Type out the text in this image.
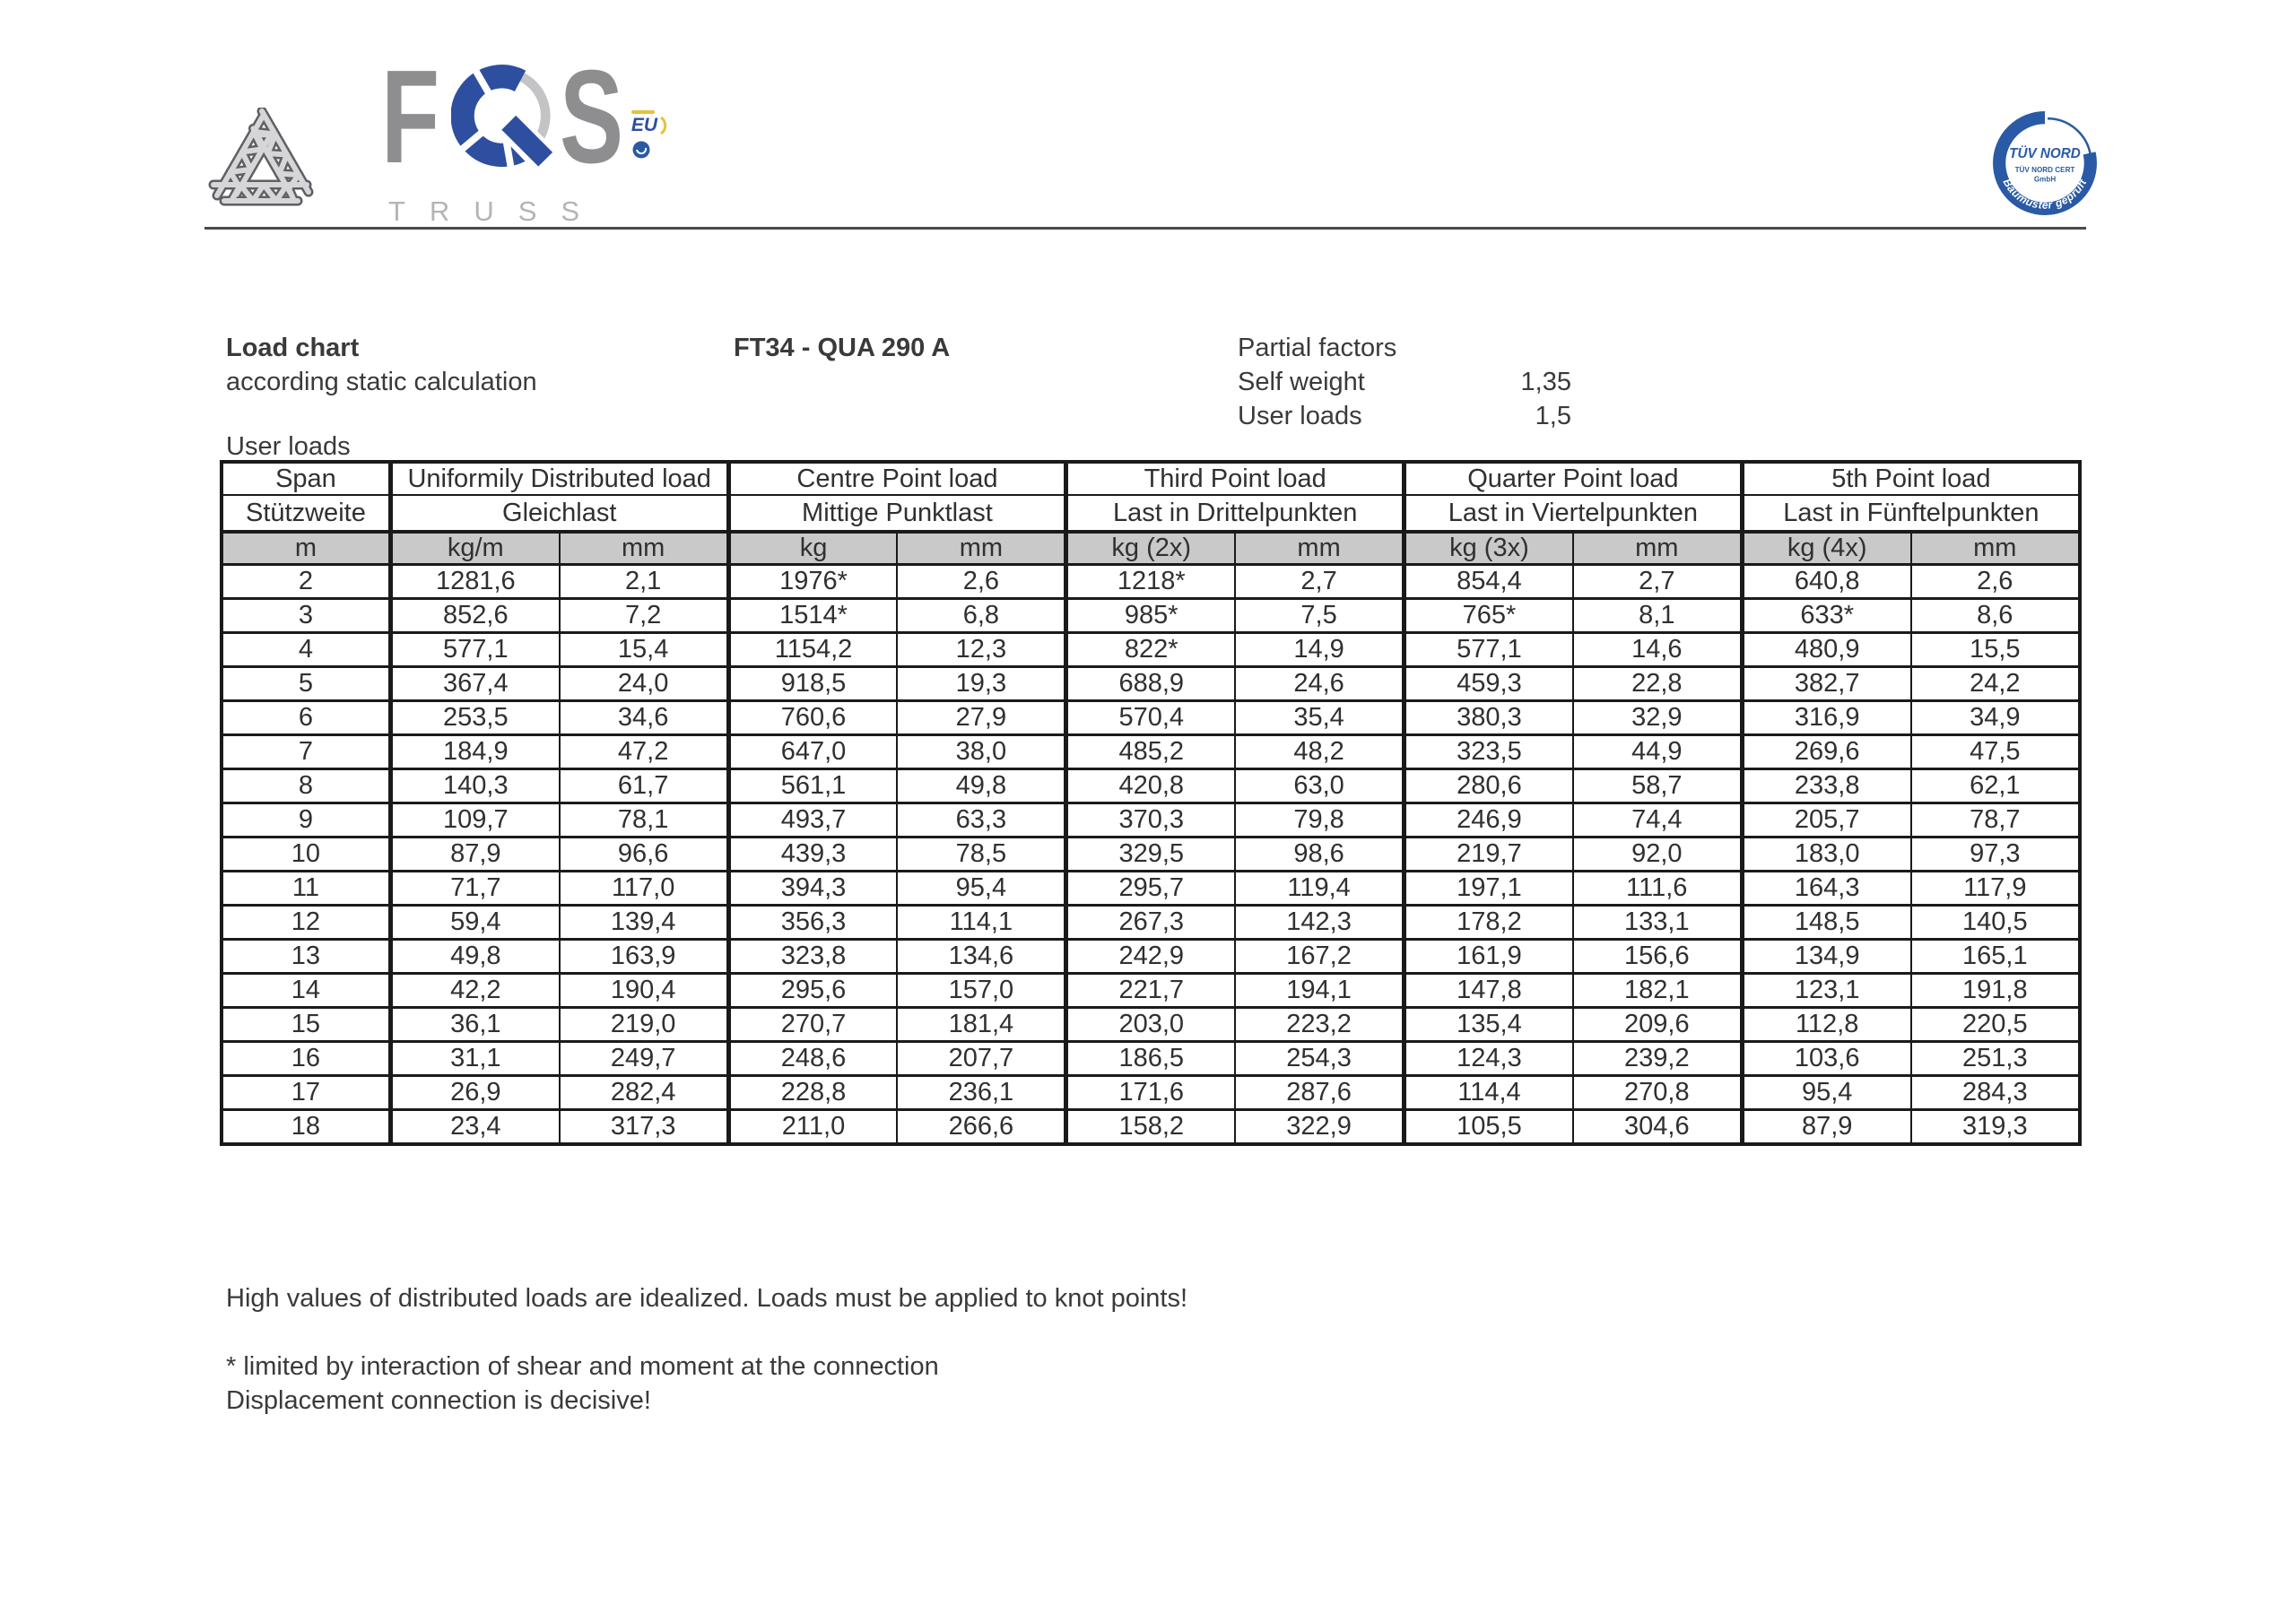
F S EU
TRUSS
TÜV NORD
TÜV NORD CERT
GmbH
Baumuster geprüft
Load chart
according static calculation
FT34 - QUA 290 A	Partial factors
Self weight	1,35
User loads	1,5
User loads
Span	Uniformily Distributed load		Centre Point load		Third Point load		Quarter Point load		5th Point load	
Stützweite	Gleichlast		Mittige Punktlast		Last in Drittelpunkten		Last in Viertelpunkten		Last in Fünftelpunkten	
m	kg/m	mm	kg	mm	kg (2x)	mm	kg (3x)	mm	kg (4x)	mm
2	1281,6	2,1	1976*	2,6	1218*	2,7	854,4	2,7	640,8	2,6
3	852,6	7,2	1514*	6,8	985*	7,5	765*	8,1	633*	8,6
4	577,1	15,4	1154,2	12,3	822*	14,9	577,1	14,6	480,9	15,5
5	367,4	24,0	918,5	19,3	688,9	24,6	459,3	22,8	382,7	24,2
6	253,5	34,6	760,6	27,9	570,4	35,4	380,3	32,9	316,9	34,9
7	184,9	47,2	647,0	38,0	485,2	48,2	323,5	44,9	269,6	47,5
8	140,3	61,7	561,1	49,8	420,8	63,0	280,6	58,7	233,8	62,1
9	109,7	78,1	493,7	63,3	370,3	79,8	246,9	74,4	205,7	78,7
10	87,9	96,6	439,3	78,5	329,5	98,6	219,7	92,0	183,0	97,3
11	71,7	117,0	394,3	95,4	295,7	119,4	197,1	111,6	164,3	117,9
12	59,4	139,4	356,3	114,1	267,3	142,3	178,2	133,1	148,5	140,5
13	49,8	163,9	323,8	134,6	242,9	167,2	161,9	156,6	134,9	165,1
14	42,2	190,4	295,6	157,0	221,7	194,1	147,8	182,1	123,1	191,8
15	36,1	219,0	270,7	181,4	203,0	223,2	135,4	209,6	112,8	220,5
16	31,1	249,7	248,6	207,7	186,5	254,3	124,3	239,2	103,6	251,3
17	26,9	282,4	228,8	236,1	171,6	287,6	114,4	270,8	95,4	284,3
18	23,4	317,3	211,0	266,6	158,2	322,9	105,5	304,6	87,9	319,3
High values of distributed loads are idealized. Loads must be applied to knot points!
* limited by interaction of shear and moment at the connection
Displacement connection is decisive!
